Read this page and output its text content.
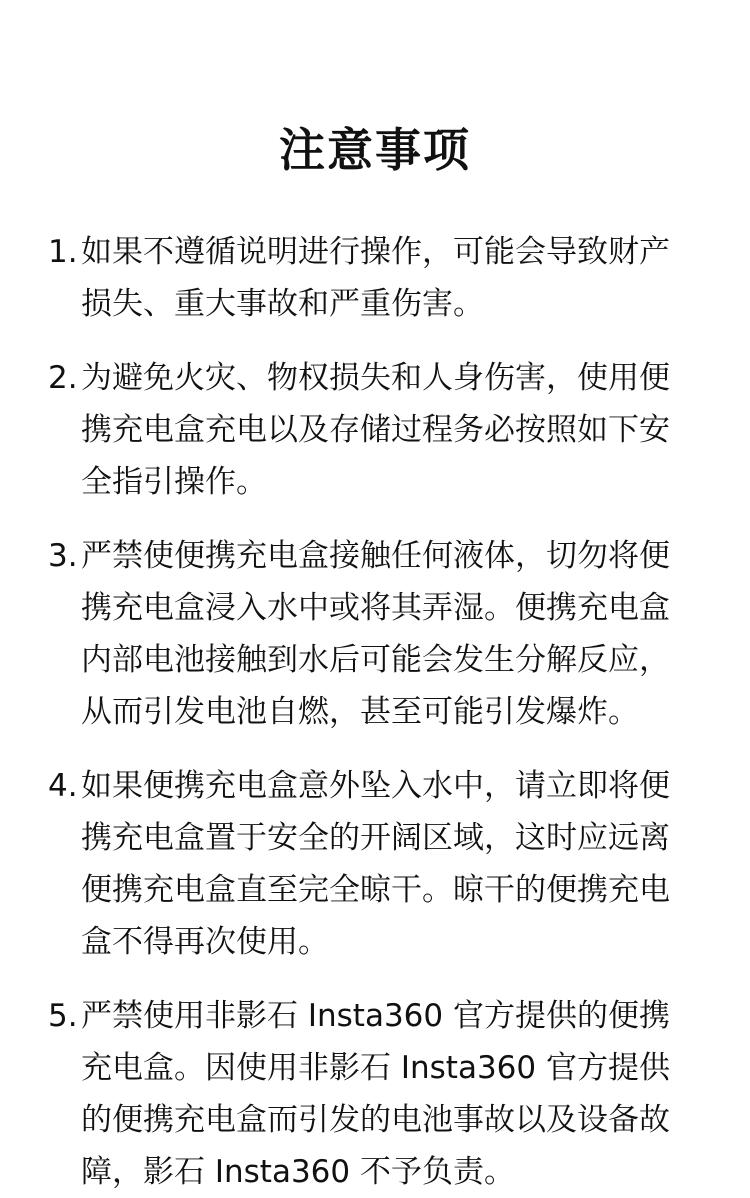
注意事项
1. 如果不遵循说明进行操作，可能会导致财产损失、重大事故和严重伤害。
2. 为避免火灾、物权损失和人身伤害，使用便携充电盒充电以及存储过程务必按照如下安全指引操作。
3. 严禁使便携充电盒接触任何液体，切勿将便携充电盒浸入水中或将其弄湿。便携充电盒内部电池接触到水后可能会发生分解反应，从而引发电池自燃，甚至可能引发爆炸。
4. 如果便携充电盒意外坠入水中，请立即将便携充电盒置于安全的开阔区域，这时应远离便携充电盒直至完全晾干。晾干的便携充电盒不得再次使用。
5. 严禁使用非影石 Insta360 官方提供的便携充电盒。因使用非影石 Insta360 官方提供的便携充电盒而引发的电池事故以及设备故障，影石 Insta360 不予负责。
